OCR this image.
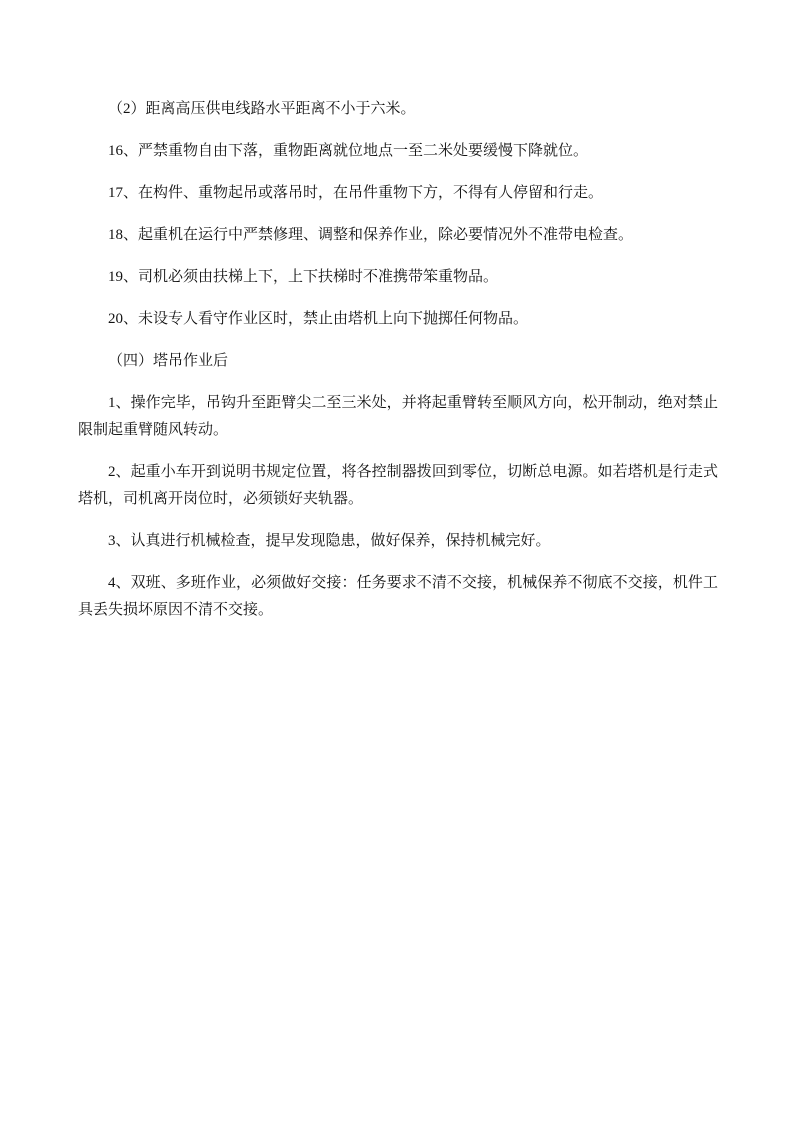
（2）距离高压供电线路水平距离不小于六米。

16、严禁重物自由下落，重物距离就位地点一至二米处要缓慢下降就位。

17、在构件、重物起吊或落吊时，在吊件重物下方，不得有人停留和行走。

18、起重机在运行中严禁修理、调整和保养作业，除必要情况外不准带电检查。

19、司机必须由扶梯上下，上下扶梯时不准携带笨重物品。

20、未设专人看守作业区时，禁止由塔机上向下抛掷任何物品。

（四）塔吊作业后

1、操作完毕，吊钩升至距臂尖二至三米处，并将起重臂转至顺风方向，松开制动，绝对禁止限制起重臂随风转动。

2、起重小车开到说明书规定位置，将各控制器拨回到零位，切断总电源。如若塔机是行走式塔机，司机离开岗位时，必须锁好夹轨器。

3、认真进行机械检查，提早发现隐患，做好保养，保持机械完好。

4、双班、多班作业，必须做好交接：任务要求不清不交接，机械保养不彻底不交接，机件工具丢失损坏原因不清不交接。
